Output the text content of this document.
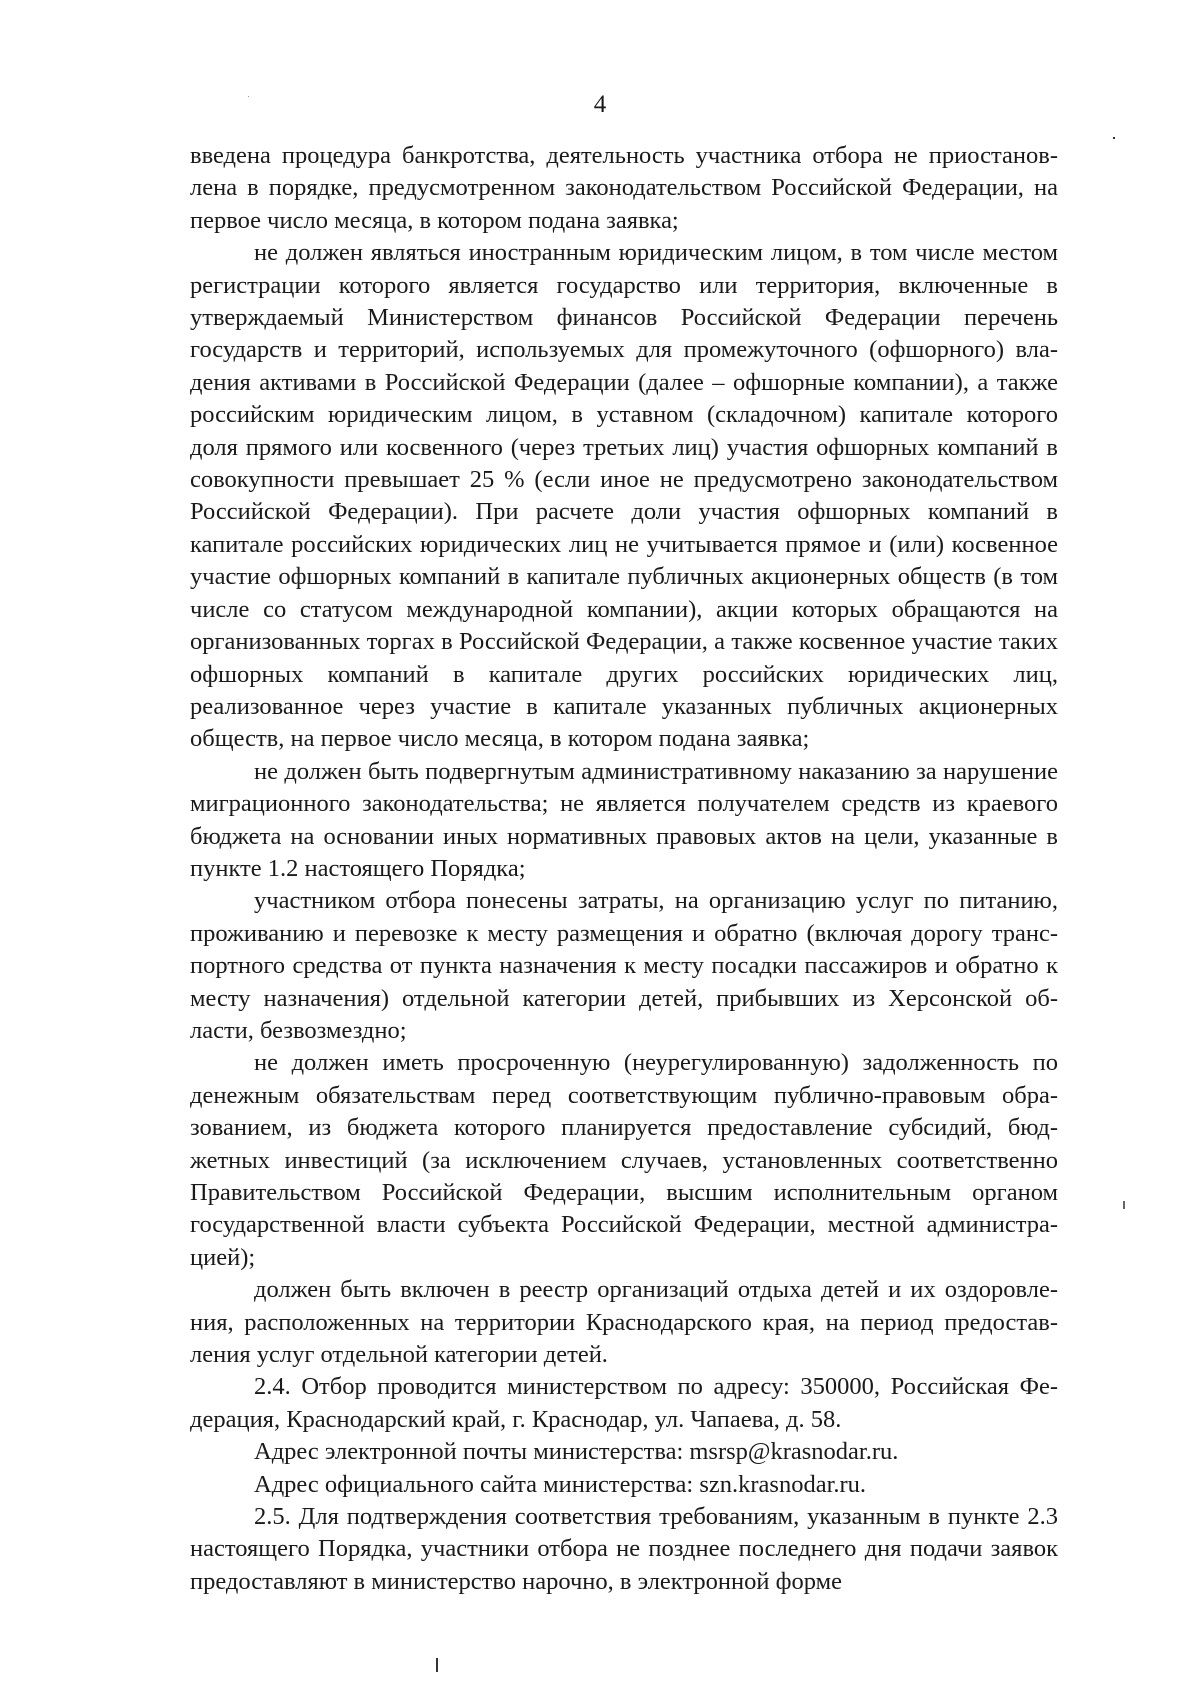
4

введена процедура банкротства, деятельность участника отбора не приостановлена в порядке, предусмотренном законодательством Российской Федерации, на первое число месяца, в котором подана заявка;

не должен являться иностранным юридическим лицом, в том числе местом регистрации которого является государство или территория, включенные в утверждаемый Министерством финансов Российской Федерации перечень государств и территорий, используемых для промежуточного (офшорного) владения активами в Российской Федерации (далее – офшорные компании), а также российским юридическим лицом, в уставном (складочном) капитале которого доля прямого или косвенного (через третьих лиц) участия офшорных компаний в совокупности превышает 25 % (если иное не предусмотрено законодательством Российской Федерации). При расчете доли участия офшорных компаний в капитале российских юридических лиц не учитывается прямое и (или) косвенное участие офшорных компаний в капитале публичных акционерных обществ (в том числе со статусом международной компании), акции которых обращаются на организованных торгах в Российской Федерации, а также косвенное участие таких офшорных компаний в капитале других российских юридических лиц, реализованное через участие в капитале указанных публичных акционерных обществ, на первое число месяца, в котором подана заявка;

не должен быть подвергнутым административному наказанию за нарушение миграционного законодательства; не является получателем средств из краевого бюджета на основании иных нормативных правовых актов на цели, указанные в пункте 1.2 настоящего Порядка;

участником отбора понесены затраты, на организацию услуг по питанию, проживанию и перевозке к месту размещения и обратно (включая дорогу транспортного средства от пункта назначения к месту посадки пассажиров и обратно к месту назначения) отдельной категории детей, прибывших из Херсонской области, безвозмездно;

не должен иметь просроченную (неурегулированную) задолженность по денежным обязательствам перед соответствующим публично-правовым образованием, из бюджета которого планируется предоставление субсидий, бюджетных инвестиций (за исключением случаев, установленных соответственно Правительством Российской Федерации, высшим исполнительным органом государственной власти субъекта Российской Федерации, местной администрацией);

должен быть включен в реестр организаций отдыха детей и их оздоровления, расположенных на территории Краснодарского края, на период предоставления услуг отдельной категории детей.

2.4. Отбор проводится министерством по адресу: 350000, Российская Федерация, Краснодарский край, г. Краснодар, ул. Чапаева, д. 58.

Адрес электронной почты министерства: msrsp@krasnodar.ru.

Адрес официального сайта министерства: szn.krasnodar.ru.

2.5. Для подтверждения соответствия требованиям, указанным в пункте 2.3 настоящего Порядка, участники отбора не позднее последнего дня подачи заявок предоставляют в министерство нарочно, в электронной форме
